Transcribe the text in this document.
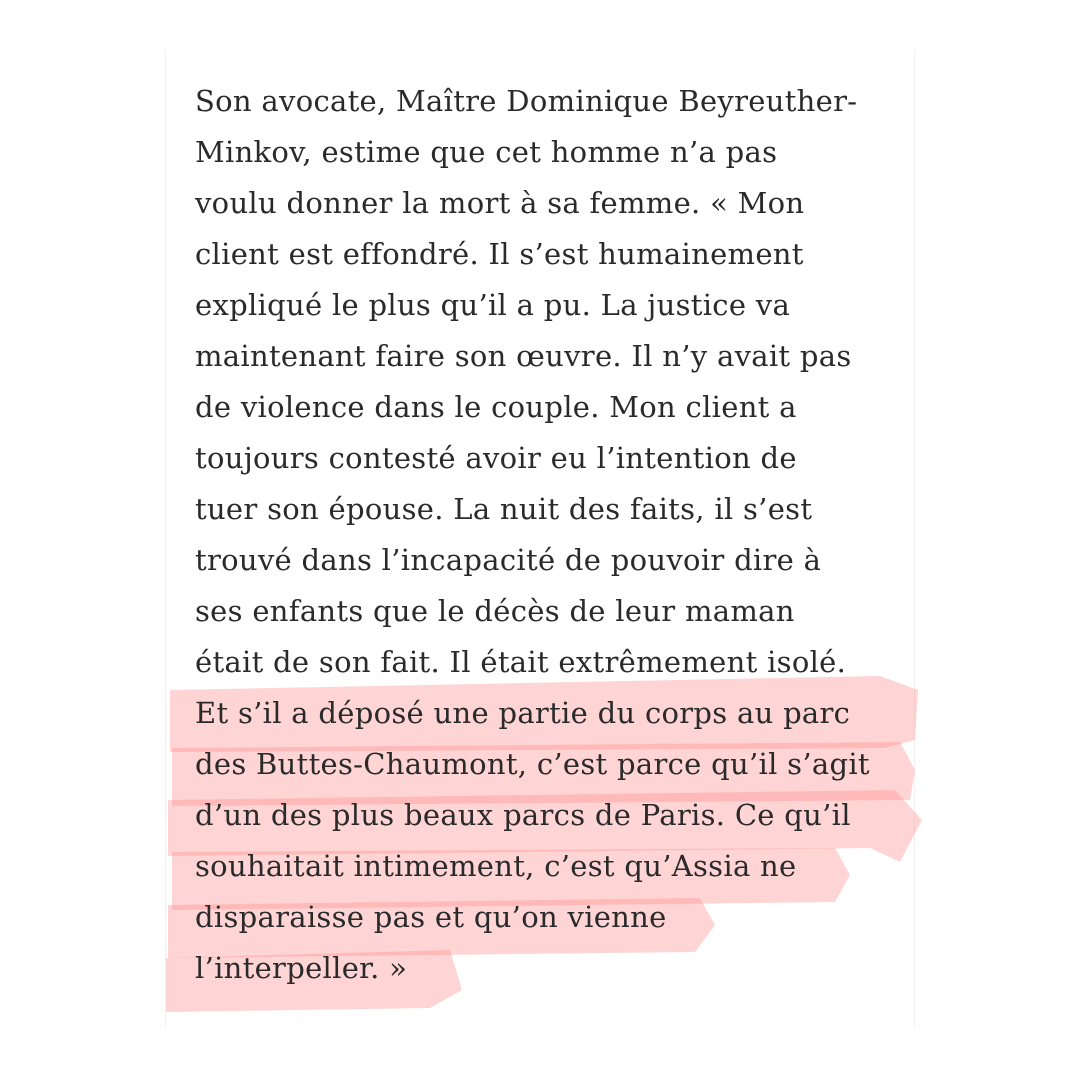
Son avocate, Maître Dominique Beyreuther-
Minkov, estime que cet homme n’a pas
voulu donner la mort à sa femme. « Mon
client est effondré. Il s’est humainement
expliqué le plus qu’il a pu. La justice va
maintenant faire son œuvre. Il n’y avait pas
de violence dans le couple. Mon client a
toujours contesté avoir eu l’intention de
tuer son épouse. La nuit des faits, il s’est
trouvé dans l’incapacité de pouvoir dire à
ses enfants que le décès de leur maman
était de son fait. Il était extrêmement isolé.
Et s’il a déposé une partie du corps au parc
des Buttes-Chaumont, c’est parce qu’il s’agit
d’un des plus beaux parcs de Paris. Ce qu’il
souhaitait intimement, c’est qu’Assia ne
disparaisse pas et qu’on vienne
l’interpeller. »
